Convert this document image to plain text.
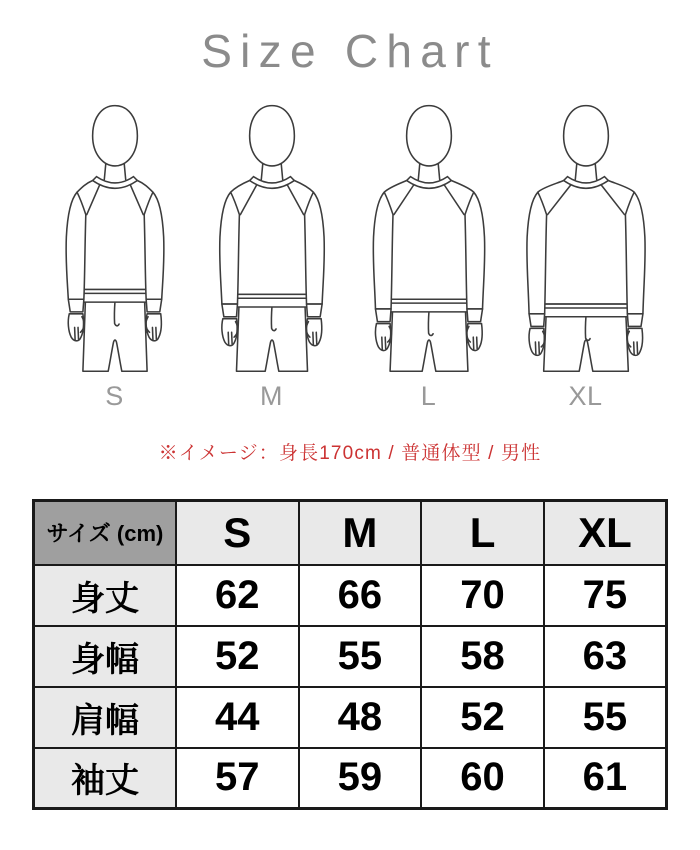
Size Chart
S	M	L	XL
※イメージ：身長170cm / 普通体型 / 男性
サイズ (cm)	S	M	L	XL
身丈	62	66	70	75
身幅	52	55	58	63
肩幅	44	48	52	55
袖丈	57	59	60	61
